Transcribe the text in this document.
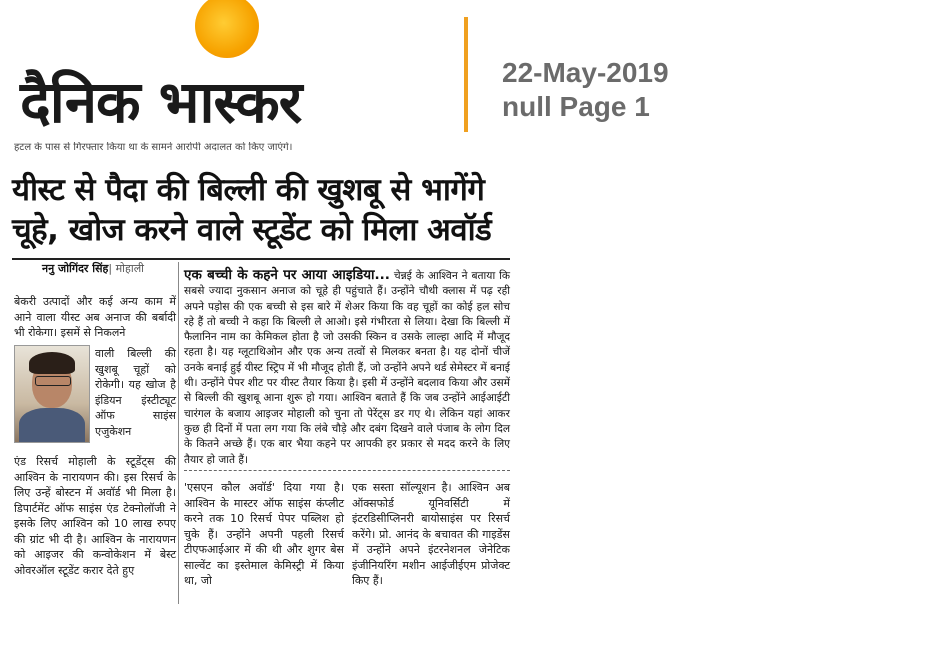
दैनिक भास्कर	22-May-2019
null Page 1
हटल के पास से गिरफ्तार किया था के सामने आरोपी अदालत को किए जाएंगे।
यीस्ट से पैदा की बिल्ली की खुशबू से भागेंगे चूहे, खोज करने वाले स्टूडेंट को मिला अवॉर्ड
ननु जोगिंदर सिंह| मोहाली

बेकरी उत्पादों और कई अन्य काम में आने वाला यीस्ट अब अनाज की बर्बादी भी रोकेगा। इसमें से निकलने

वाली बिल्ली की खुशबू चूहों को रोकेगी। यह खोज है इंडियन इंस्टीट्यूट ऑफ साइंस एजुकेशन

एंड रिसर्च मोहाली के स्टूडेंट्स की आश्विन के नारायणन की। इस रिसर्च के लिए उन्हें बोस्टन में अवॉर्ड भी मिला है। डिपार्टमेंट ऑफ साइंस एंड टेक्नोलॉजी ने इसके लिए आश्विन को 10 लाख रुपए की ग्रांट भी दी है। आश्विन के नारायणन को आइजर की कन्वोकेशन में बेस्ट ओवरऑल स्टूडेंट करार देते हुए

एक बच्ची के कहने पर आया आइडिया... चेन्नई के आश्विन ने बताया कि सबसे ज्यादा नुकसान अनाज को चूहे ही पहुंचाते हैं। उन्होंने चौथी क्लास में पढ़ रही अपने पड़ोस की एक बच्ची से इस बारे में शेअर किया कि वह चूहों का कोई हल सोच रहे हैं तो बच्ची ने कहा कि बिल्ली ले आओ। इसे गंभीरता से लिया। देखा कि बिल्ली में फैलानिन नाम का केमिकल होता है जो उसकी स्किन व उसके लाल्हा आदि में मौजूद रहता है। यह ग्लूटाथिओन और एक अन्य तत्वों से मिलकर बनता है। यह दोनों चीजें उनके बनाई हुई यीस्ट स्ट्रिप में भी मौजूद होती हैं, जो उन्होंने अपने थर्ड सेमेस्टर में बनाई थी। उन्होंने पेपर शीट पर यीस्ट तैयार किया है। इसी में उन्होंने बदलाव किया और उसमें से बिल्ली की खुशबू आना शुरू हो गया। आश्विन बताते हैं कि जब उन्होंने आईआईटी चारंगल के बजाय आइजर मोहाली को चुना तो पेरेंट्स डर गए थे। लेकिन यहां आकर कुछ ही दिनों में पता लग गया कि लंबे चौड़े और दबंग दिखने वाले पंजाब के लोग दिल के कितने अच्छे हैं। एक बार भैया कहने पर आपकी हर प्रकार से मदद करने के लिए तैयार हो जाते हैं।

'एसएन कौल अवॉर्ड' दिया गया है। आश्विन के मास्टर ऑफ साइंस कंप्लीट करने तक 10 रिसर्च पेपर पब्लिश हो चुके हैं। उन्होंने अपनी पहली रिसर्च टीएफआईआर में की थी और शुगर बेस साल्वेंट का इस्तेमाल केमिस्ट्री में किया था, जो

एक सस्ता सॉल्यूशन है। आश्विन अब ऑक्सफोर्ड यूनिवर्सिटी में इंटरडिसीप्लिनरी बायोसाइंस पर रिसर्च करेंगे। प्रो. आनंद के बचावत की गाइडेंस में उन्होंने अपने इंटरनेशनल जेनेटिक इंजीनियरिंग मशीन आईजीईएम प्रोजेक्ट किए हैं।
